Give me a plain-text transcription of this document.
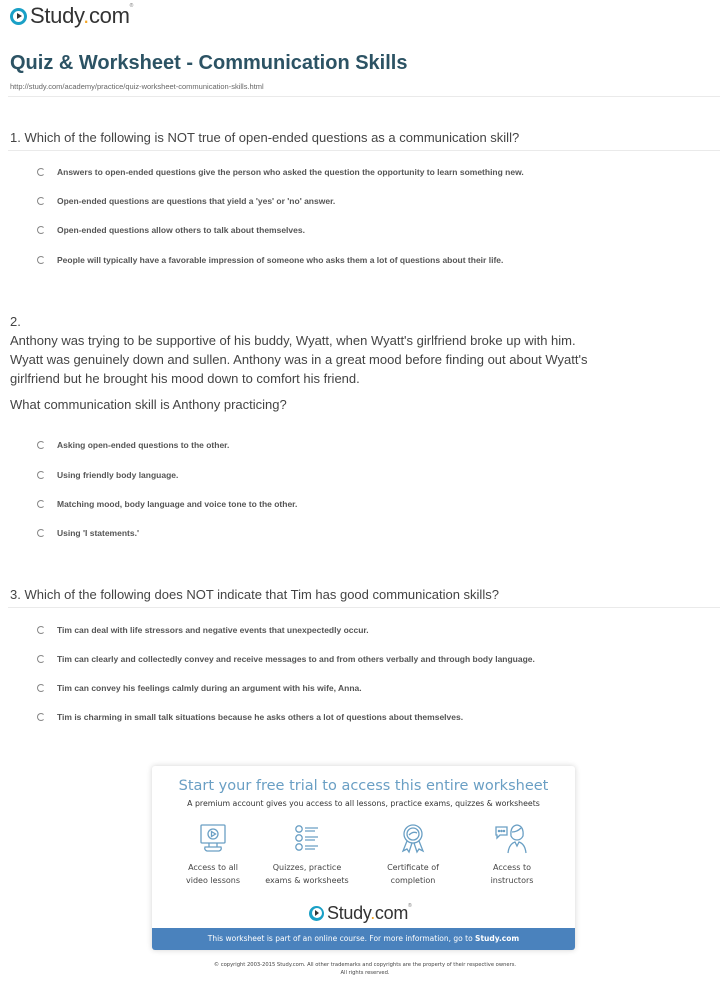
Study.com®
Quiz & Worksheet - Communication Skills
http://study.com/academy/practice/quiz-worksheet-communication-skills.html
1. Which of the following is NOT true of open-ended questions as a communication skill?
Answers to open-ended questions give the person who asked the question the opportunity to learn something new.
Open-ended questions are questions that yield a 'yes' or 'no' answer.
Open-ended questions allow others to talk about themselves.
People will typically have a favorable impression of someone who asks them a lot of questions about their life.
2.
Anthony was trying to be supportive of his buddy, Wyatt, when Wyatt's girlfriend broke up with him. Wyatt was genuinely down and sullen. Anthony was in a great mood before finding out about Wyatt's girlfriend but he brought his mood down to comfort his friend.
What communication skill is Anthony practicing?
Asking open-ended questions to the other.
Using friendly body language.
Matching mood, body language and voice tone to the other.
Using 'I statements.'
3. Which of the following does NOT indicate that Tim has good communication skills?
Tim can deal with life stressors and negative events that unexpectedly occur.
Tim can clearly and collectedly convey and receive messages to and from others verbally and through body language.
Tim can convey his feelings calmly during an argument with his wife, Anna.
Tim is charming in small talk situations because he asks others a lot of questions about themselves.
Start your free trial to access this entire worksheet
A premium account gives you access to all lessons, practice exams, quizzes & worksheets
Access to all
video lessons
Quizzes, practice
exams & worksheets
Certificate of
completion
Access to
instructors
Study.com®
This worksheet is part of an online course. For more information, go to Study.com
© copyright 2003-2015 Study.com. All other trademarks and copyrights are the property of their respective owners.
All rights reserved.
